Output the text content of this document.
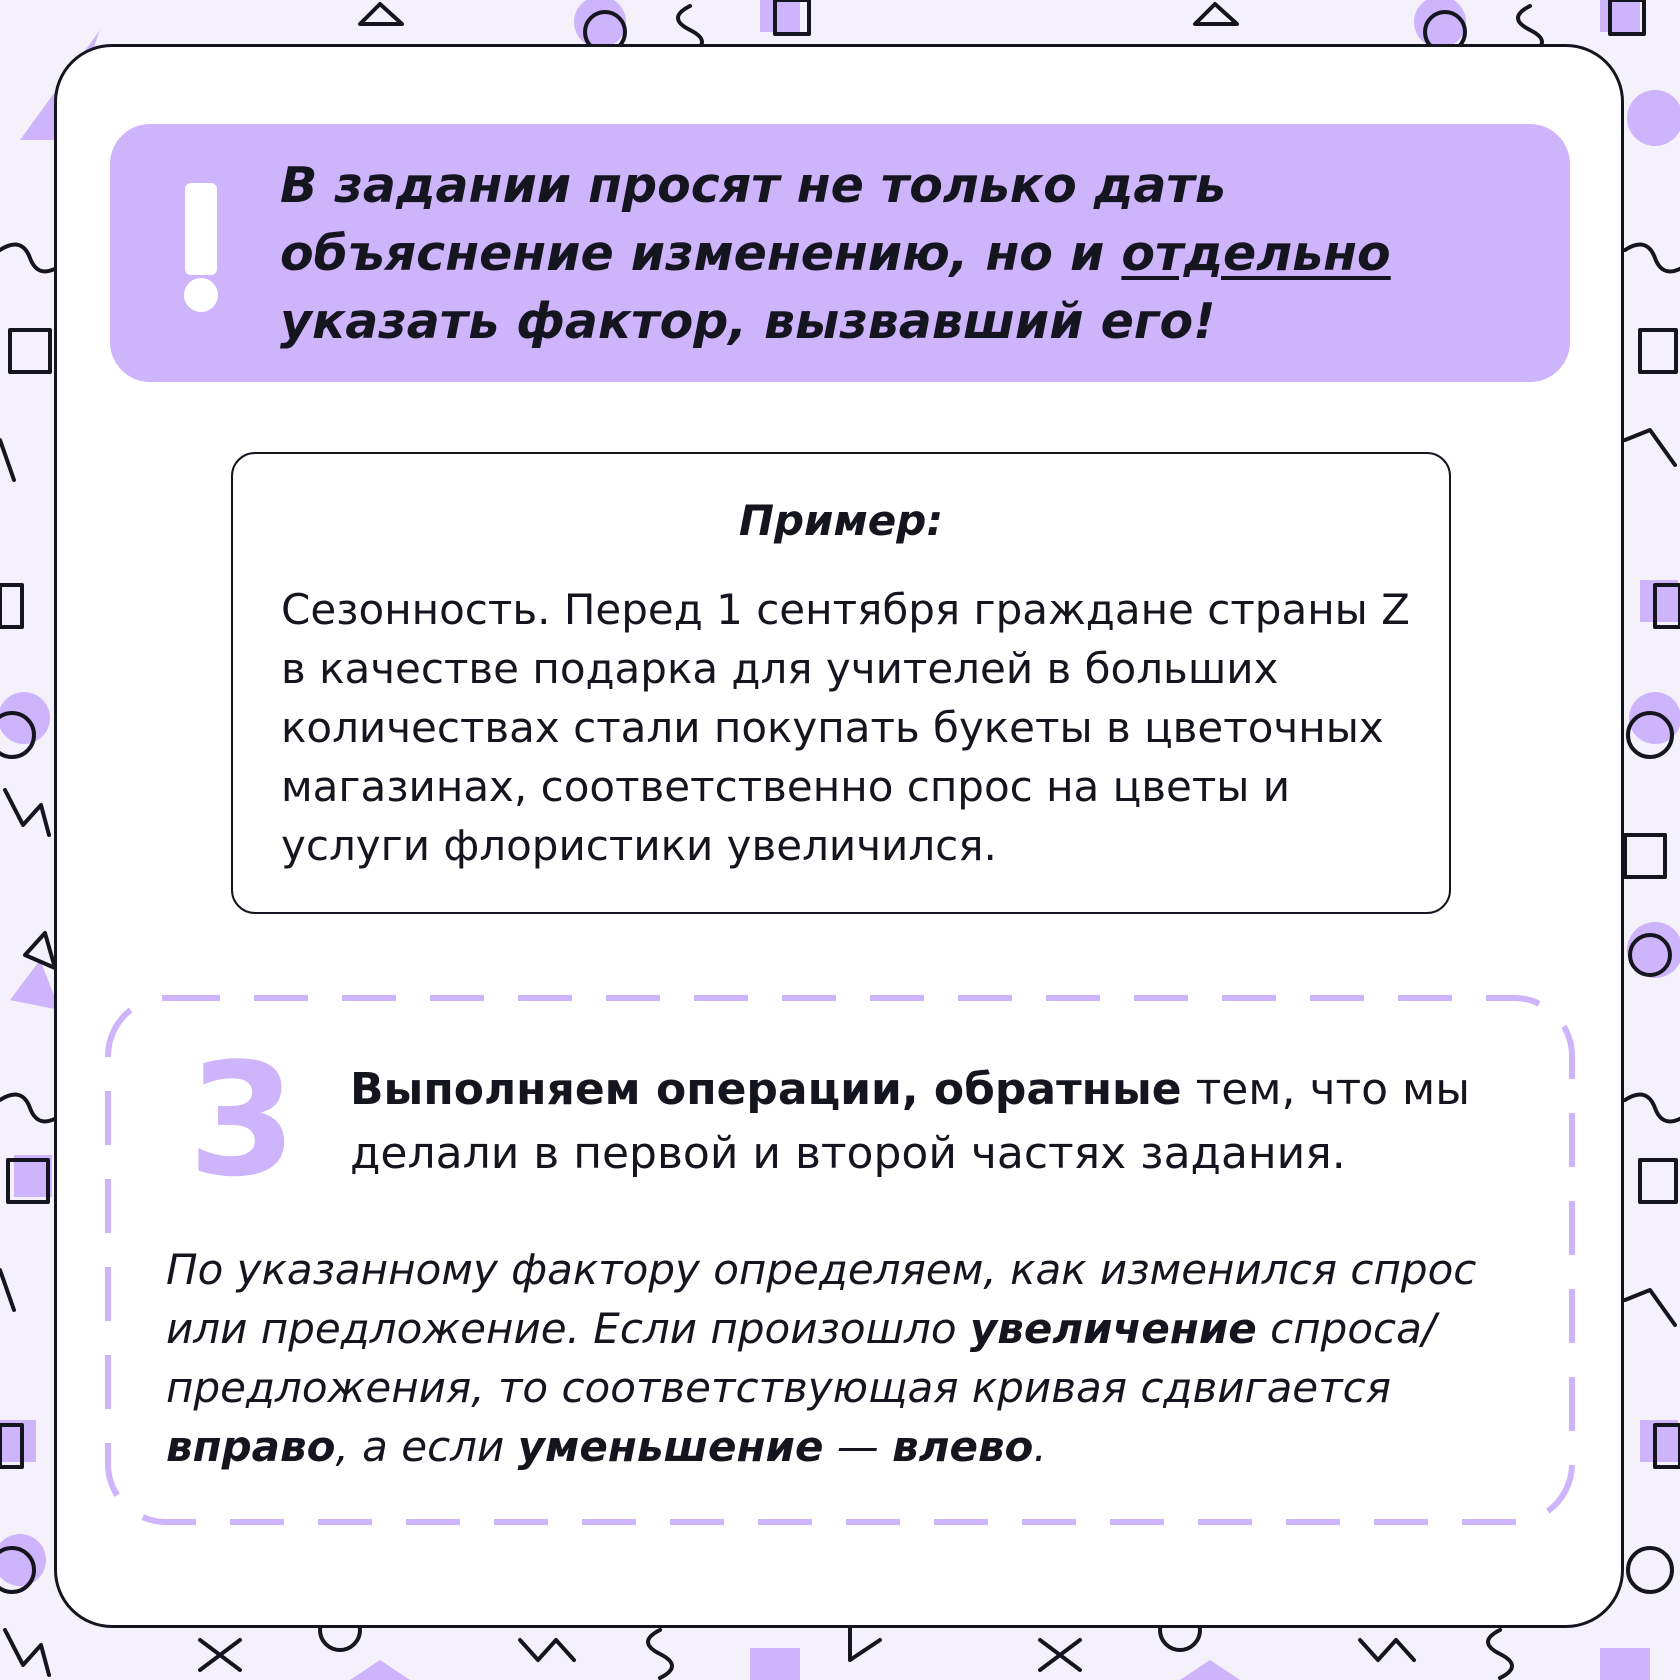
В задании просят не только дать объяснение изменению, но и отдельно указать фактор, вызвавший его!

Пример:

Сезонность. Перед 1 сентября граждане страны Z в качестве подарка для учителей в больших количествах стали покупать букеты в цветочных магазинах, соответственно спрос на цветы и услуги флористики увеличился.

3 Выполняем операции, обратные тем, что мы делали в первой и второй частях задания.

По указанному фактору определяем, как изменился спрос или предложение. Если произошло увеличение спроса/предложения, то соответствующая кривая сдвигается вправо, а если уменьшение — влево.
